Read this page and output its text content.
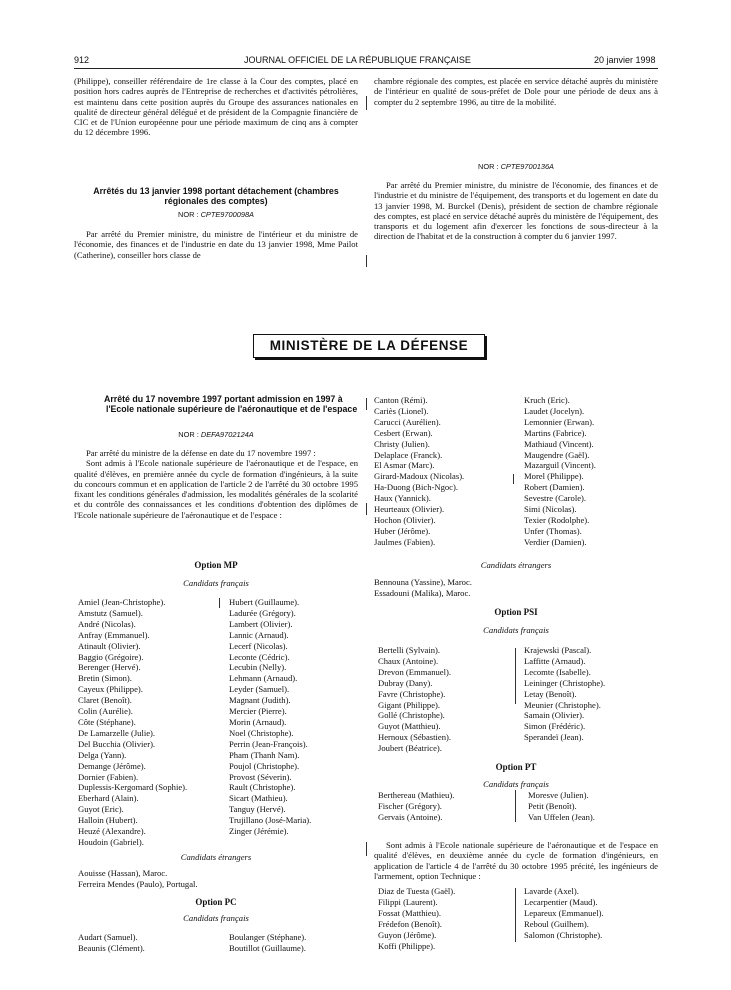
912	JOURNAL OFFICIEL DE LA RÉPUBLIQUE FRANÇAISE	20 janvier 1998

(Philippe), conseiller référendaire de 1re classe à la Cour des comptes, placé en position hors cadres auprès de l'Entreprise de recherches et d'activités pétrolières, est maintenu dans cette position auprès du Groupe des assurances nationales en qualité de directeur général délégué et de président de la Compagnie financière de CIC et de l'Union européenne pour une période maximum de cinq ans à compter du 12 décembre 1996.

Arrêtés du 13 janvier 1998 portant détachement (chambres régionales des comptes)
NOR : CPTE9700098A

Par arrêté du Premier ministre, du ministre de l'intérieur et du ministre de l'économie, des finances et de l'industrie en date du 13 janvier 1998, Mme Pailot (Catherine), conseiller hors classe de

chambre régionale des comptes, est placée en service détaché auprès du ministère de l'intérieur en qualité de sous-préfet de Dole pour une période de deux ans à compter du 2 septembre 1996, au titre de la mobilité.

NOR : CPTE9700136A

Par arrêté du Premier ministre, du ministre de l'économie, des finances et de l'industrie et du ministre de l'équipement, des transports et du logement en date du 13 janvier 1998, M. Burckel (Denis), président de section de chambre régionale des comptes, est placé en service détaché auprès du ministère de l'équipement, des transports et du logement afin d'exercer les fonctions de sous-directeur à la direction de l'habitat et de la construction à compter du 6 janvier 1997.

MINISTÈRE DE LA DÉFENSE
Arrêté du 17 novembre 1997 portant admission en 1997 à l'Ecole nationale supérieure de l'aéronautique et de l'espace
NOR : DEFA9702124A

Par arrêté du ministre de la défense en date du 17 novembre 1997 :

Sont admis à l'Ecole nationale supérieure de l'aéronautique et de l'espace, en qualité d'élèves, en première année du cycle de formation d'ingénieurs, à la suite du concours commun et en application de l'article 2 de l'arrêté du 30 octobre 1995 fixant les conditions générales d'admission, les modalités générales de la scolarité et du contrôle des connaissances et les conditions d'obtention des diplômes de l'Ecole nationale supérieure de l'aéronautique et de l'espace :

Option MP
Candidats français
Amiel (Jean-Christophe).
Amstutz (Samuel).
André (Nicolas).
Anfray (Emmanuel).
Atinault (Olivier).
Baggio (Grégoire).
Berenger (Hervé).
Bretin (Simon).
Cayeux (Philippe).
Claret (Benoît).
Colin (Aurélie).
Côte (Stéphane).
De Lamarzelle (Julie).
Del Bucchia (Olivier).
Delga (Yann).
Demange (Jérôme).
Dornier (Fabien).
Duplessis-Kergomard (Sophie).
Eberhard (Alain).
Guyot (Eric).
Halloin (Hubert).
Heuzé (Alexandre).
Houdoin (Gabriel).
Hubert (Guillaume).
Ladurée (Grégory).
Lambert (Olivier).
Lannic (Arnaud).
Lecerf (Nicolas).
Leconte (Cédric).
Lecubin (Nelly).
Lehmann (Arnaud).
Leyder (Samuel).
Magnant (Judith).
Mercier (Pierre).
Morin (Arnaud).
Noel (Christophe).
Perrin (Jean-François).
Pham (Thanh Nam).
Poujol (Christophe).
Provost (Séverin).
Rault (Christophe).
Sicart (Mathieu).
Tanguy (Hervé).
Trujillano (José-Maria).
Zinger (Jérémie).
Candidats étrangers
Aouisse (Hassan), Maroc.
Ferreira Mendes (Paulo), Portugal.
Option PC
Candidats français
Audart (Samuel).
Beaunis (Clément).
Boulanger (Stéphane).
Boutillot (Guillaume).
Canton (Rémi).
Cariès (Lionel).
Carucci (Aurélien).
Cesbert (Erwan).
Christy (Julien).
Delaplace (Franck).
El Asmar (Marc).
Girard-Madoux (Nicolas).
Ha-Duong (Bich-Ngoc).
Haux (Yannick).
Heurteaux (Olivier).
Hochon (Olivier).
Huber (Jérôme).
Jaulmes (Fabien).
Kruch (Eric).
Laudet (Jocelyn).
Lemonnier (Erwan).
Martins (Fabrice).
Mathiaud (Vincent).
Maugendre (Gaël).
Mazarguil (Vincent).
Morel (Philippe).
Robert (Damien).
Sevestre (Carole).
Simi (Nicolas).
Texier (Rodolphe).
Unfer (Thomas).
Verdier (Damien).
Candidats étrangers
Bennouna (Yassine), Maroc.
Essadouni (Malika), Maroc.
Option PSI
Candidats français
Bertelli (Sylvain).
Chaux (Antoine).
Drevon (Emmanuel).
Dubray (Dany).
Favre (Christophe).
Gigant (Philippe).
Gollé (Christophe).
Guyot (Matthieu).
Hernoux (Sébastien).
Joubert (Béatrice).
Krajewski (Pascal).
Laffitte (Arnaud).
Lecomte (Isabelle).
Leininger (Christophe).
Letay (Benoît).
Meunier (Christophe).
Samain (Olivier).
Simon (Frédéric).
Sperandeï (Jean).
Option PT
Candidats français
Berthereau (Mathieu).
Fischer (Grégory).
Gervais (Antoine).
Moresve (Julien).
Petit (Benoît).
Van Uffelen (Jean).

Sont admis à l'Ecole nationale supérieure de l'aéronautique et de l'espace en qualité d'élèves, en deuxième année du cycle de formation d'ingénieurs, en application de l'article 4 de l'arrêté du 30 octobre 1995 précité, les ingénieurs de l'armement, option Technique :

Diaz de Tuesta (Gaël).
Filippi (Laurent).
Fossat (Matthieu).
Frédefon (Benoît).
Guyon (Jérôme).
Koffi (Philippe).
Lavarde (Axel).
Lecarpentier (Maud).
Lepareux (Emmanuel).
Reboul (Guilhem).
Salomon (Christophe).
